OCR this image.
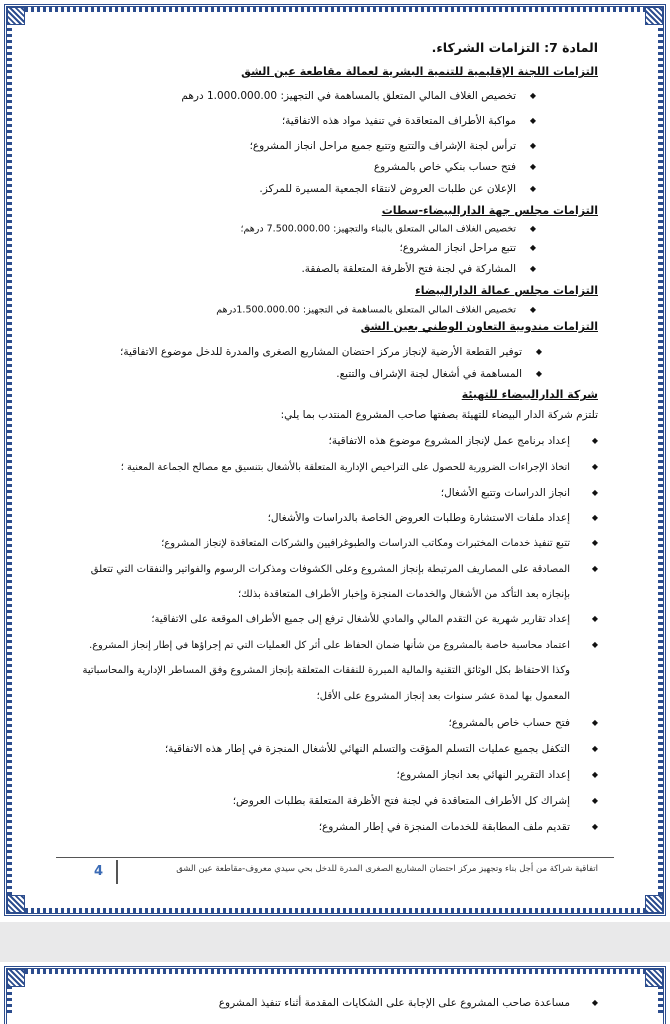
المادة 7: التزامات الشركاء.
التزامات اللجنة الإقليمية للتنمية البشرية لعمالة مقاطعة عين الشق
◆تخصيص الغلاف المالي المتعلق بالمساهمة في التجهيز: 1.000.000.00 درهم
◆مواكبة الأطراف المتعاقدة في تنفيذ مواد هذه الاتفاقية؛
◆ترأس لجنة الإشراف والتتبع وتتبع جميع مراحل انجاز المشروع؛
◆فتح حساب بنكي خاص بالمشروع
◆الإعلان عن طلبات العروض لانتقاء الجمعية المسيرة للمركز.
التزامات مجلس جهة الدارالبيضاء-سطات
◆تخصيص الغلاف المالي المتعلق بالبناء والتجهيز: 7.500.000.00 درهم؛
◆تتبع مراحل انجاز المشروع؛
◆المشاركة في لجنة فتح الأظرفة المتعلقة بالصفقة.
التزامات مجلس عمالة الدارالبيضاء
◆تخصيص الغلاف المالي المتعلق بالمساهمة في التجهيز: 1.500.000.00درهم
التزامات مندوبية التعاون الوطني بعين الشق
◆توفير القطعة الأرضية لإنجاز مركز احتضان المشاريع الصغرى والمدرة للدخل موضوع الاتفاقية؛
◆المساهمة في أشغال لجنة الإشراف والتتبع.
شركة الدارالبيضاء للتهيئة
تلتزم شركة الدار البيضاء للتهيئة بصفتها صاحب المشروع المنتدب بما يلي:
◆إعداد برنامج عمل لإنجاز المشروع موضوع هذه الاتفاقية؛
◆اتخاذ الإجراءات الضرورية للحصول على التراخيص الإدارية المتعلقة بالأشغال بتنسيق مع مصالح الجماعة المعنية ؛
◆انجاز الدراسات وتتبع الأشغال؛
◆إعداد ملفات الاستشارة وطلبات العروض الخاصة بالدراسات والأشغال؛
◆تتبع تنفيذ خدمات المختبرات ومكاتب الدراسات والطبوغرافيين والشركات المتعاقدة لإنجاز المشروع؛
◆المصادقة على المصاريف المرتبطة بإنجاز المشروع وعلى الكشوفات ومذكرات الرسوم والفواتير والنفقات التي تتعلق
بإنجازه بعد التأكد من الأشغال والخدمات المنجزة وإخبار الأطراف المتعاقدة بذلك؛
◆إعداد تقارير شهرية عن التقدم المالي والمادي للأشغال ترفع إلى جميع الأطراف الموقعة على الاتفاقية؛
◆اعتماد محاسبة خاصة بالمشروع من شأنها ضمان الحفاظ على أثر كل العمليات التي تم إجراؤها في إطار إنجاز المشروع.
وكذا الاحتفاظ بكل الوثائق التقنية والمالية المبررة للنفقات المتعلقة بإنجاز المشروع وفق المساطر الإدارية والمحاسباتية
المعمول بها لمدة عشر سنوات بعد إنجاز المشروع على الأقل؛
◆فتح حساب خاص بالمشروع؛
◆التكفل بجميع عمليات التسلم المؤقت والتسلم النهائي للأشغال المنجزة في إطار هذه الاتفاقية؛
◆إعداد التقرير النهائي بعد انجاز المشروع؛
◆إشراك كل الأطراف المتعاقدة في لجنة فتح الأظرفة المتعلقة بطلبات العروض؛
◆تقديم ملف المطابقة للخدمات المنجزة في إطار المشروع؛
اتفاقية شراكة من أجل بناء وتجهيز مركز احتضان المشاريع الصغرى المدرة للدخل بحي سيدي معروف-مقاطعة عين الشق
4
◆مساعدة صاحب المشروع على الإجابة على الشكايات المقدمة أثناء تنفيذ المشروع
